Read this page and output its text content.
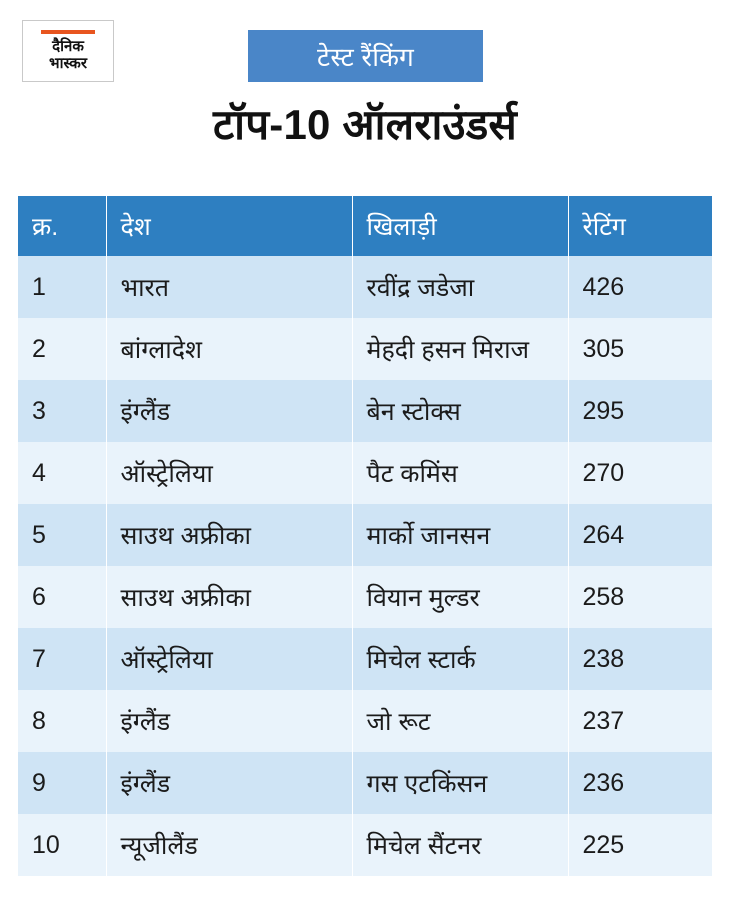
दैनिक
भास्कर	टेस्ट रैंकिंग
टॉप-10 ऑलराउंडर्स
क्र.	देश	खिलाड़ी	रेटिंग
1	भारत	रवींद्र जडेजा	426
2	बांग्लादेश	मेहदी हसन मिराज	305
3	इंग्लैंड	बेन स्टोक्स	295
4	ऑस्ट्रेलिया	पैट कमिंस	270
5	साउथ अफ्रीका	मार्को जानसन	264
6	साउथ अफ्रीका	वियान मुल्डर	258
7	ऑस्ट्रेलिया	मिचेल स्टार्क	238
8	इंग्लैंड	जो रूट	237
9	इंग्लैंड	गस एटकिंसन	236
10	न्यूजीलैंड	मिचेल सैंटनर	225
